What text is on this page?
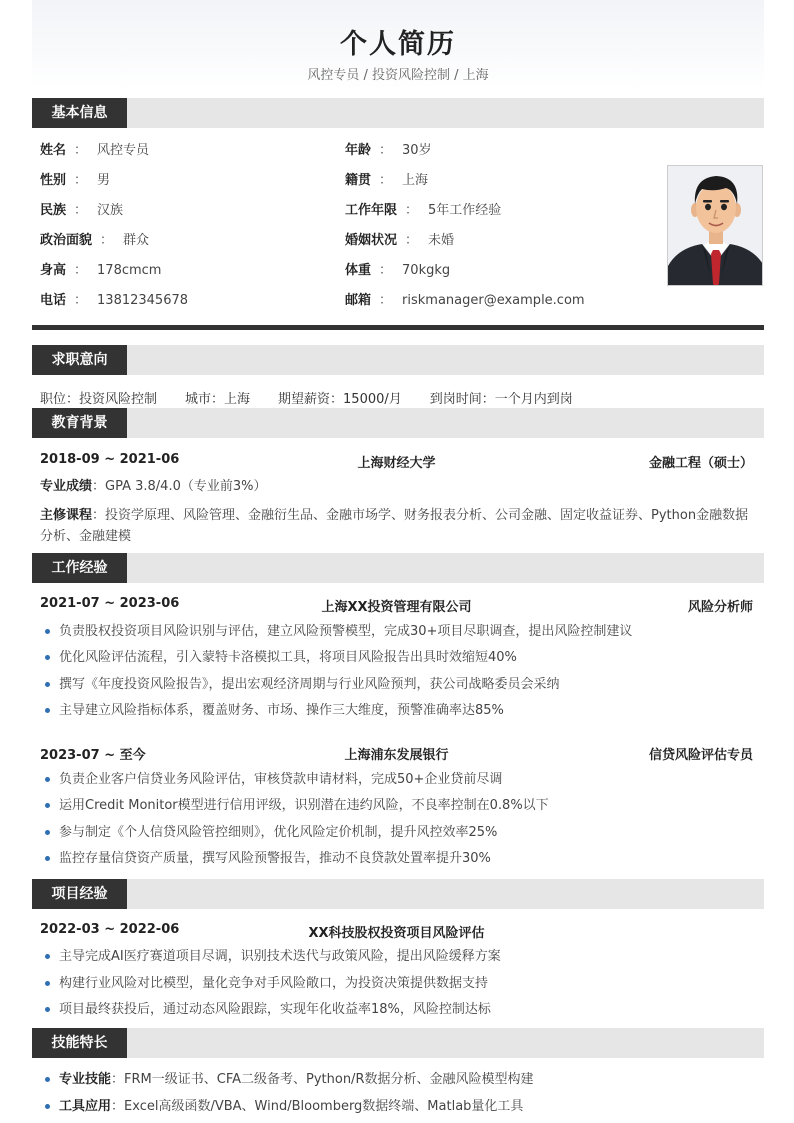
个人简历
风控专员 / 投资风险控制 / 上海
基本信息
姓名 ： 风控专员	年龄 ： 30岁
性别 ： 男	籍贯 ： 上海
民族 ： 汉族	工作年限 ： 5年工作经验
政治面貌 ： 群众	婚姻状况 ： 未婚
身高 ： 178cmcm	体重 ： 70kgkg
电话 ： 13812345678	邮箱 ： riskmanager@example.com
求职意向
职位：投资风险控制 城市：上海 期望薪资：15000/月 到岗时间：一个月内到岗
教育背景
2018-09 ~ 2021-06	上海财经大学	金融工程（硕士）
专业成绩：GPA 3.8/4.0（专业前3%）
主修课程：投资学原理、风险管理、金融衍生品、金融市场学、财务报表分析、公司金融、固定收益证券、Python金融数据分析、金融建模
工作经验
2021-07 ~ 2023-06	上海XX投资管理有限公司	风险分析师
负责股权投资项目风险识别与评估，建立风险预警模型，完成30+项目尽职调查，提出风险控制建议
优化风险评估流程，引入蒙特卡洛模拟工具，将项目风险报告出具时效缩短40%
撰写《年度投资风险报告》，提出宏观经济周期与行业风险预判，获公司战略委员会采纳
主导建立风险指标体系，覆盖财务、市场、操作三大维度，预警准确率达85%
2023-07 ~ 至今	上海浦东发展银行	信贷风险评估专员
负责企业客户信贷业务风险评估，审核贷款申请材料，完成50+企业贷前尽调
运用Credit Monitor模型进行信用评级，识别潜在违约风险，不良率控制在0.8%以下
参与制定《个人信贷风险管控细则》，优化风险定价机制，提升风控效率25%
监控存量信贷资产质量，撰写风险预警报告，推动不良贷款处置率提升30%
项目经验
2022-03 ~ 2022-06	XX科技股权投资项目风险评估
主导完成AI医疗赛道项目尽调，识别技术迭代与政策风险，提出风险缓释方案
构建行业风险对比模型，量化竞争对手风险敞口，为投资决策提供数据支持
项目最终获投后，通过动态风险跟踪，实现年化收益率18%，风险控制达标
技能特长
专业技能：FRM一级证书、CFA二级备考、Python/R数据分析、金融风险模型构建
工具应用：Excel高级函数/VBA、Wind/Bloomberg数据终端、Matlab量化工具
